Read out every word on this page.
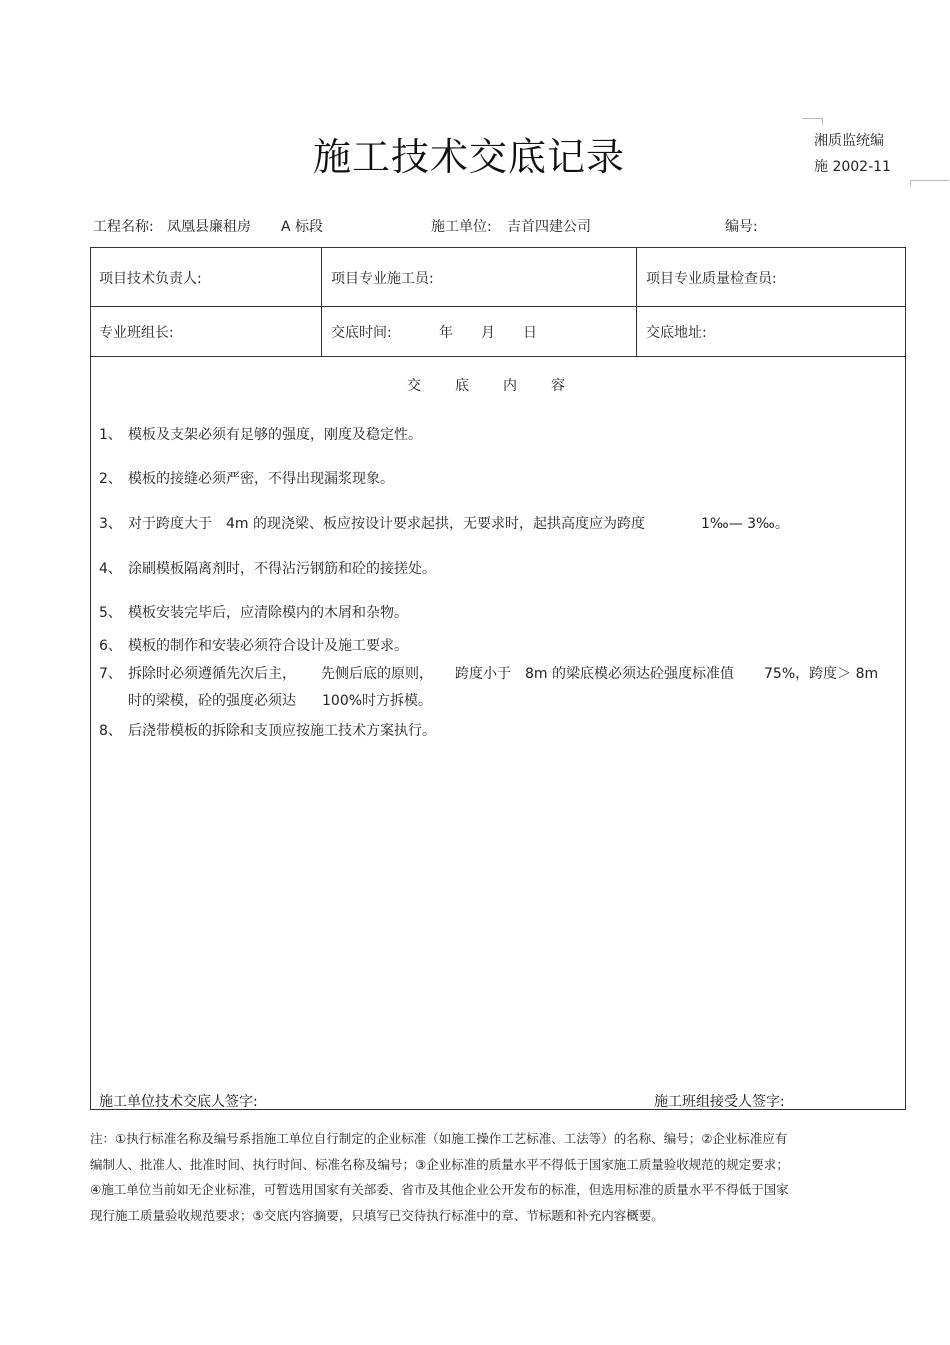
施工技术交底记录	湘质监统编
施 2002-11
工程名称: 凤凰县廉租房 A 标段	施工单位: 吉首四建公司	编号:
项目技术负责人:	项目专业施工员:	项目专业质量检查员:
专业班组长:	交底时间:	年 月 日	交底地址:
交 底 内 容
1、 模板及支架必须有足够的强度，刚度及稳定性。
2、 模板的接缝必须严密，不得出现漏浆现象。
3、 对于跨度大于 4m 的现浇梁、板应按设计要求起拱，无要求时，起拱高度应为跨度	1‰— 3‰。
4、 涂刷模板隔离剂时，不得沾污钢筋和砼的接搓处。
5、 模板安装完毕后，应清除模内的木屑和杂物。
6、 模板的制作和安装必须符合设计及施工要求。
7、 拆除时必须遵循先次后主， 先侧后底的原则， 跨度小于 8m 的梁底模必须达砼强度标准值 75%，跨度＞ 8m
时的梁模，砼的强度必须达 100%时方拆模。
8、 后浇带模板的拆除和支顶应按施工技术方案执行。
施工单位技术交底人签字:	施工班组接受人签字:
注：①执行标准名称及编号系指施工单位自行制定的企业标准（如施工操作工艺标准、工法等）的名称、编号；②企业标准应有
编制人、批准人、批准时间、执行时间、标准名称及编号；③企业标准的质量水平不得低于国家施工质量验收规范的规定要求；
④施工单位当前如无企业标准，可暂选用国家有关部委、省市及其他企业公开发布的标准，但选用标准的质量水平不得低于国家
现行施工质量验收规范要求；⑤交底内容摘要，只填写已交待执行标准中的章、节标题和补充内容概要。
